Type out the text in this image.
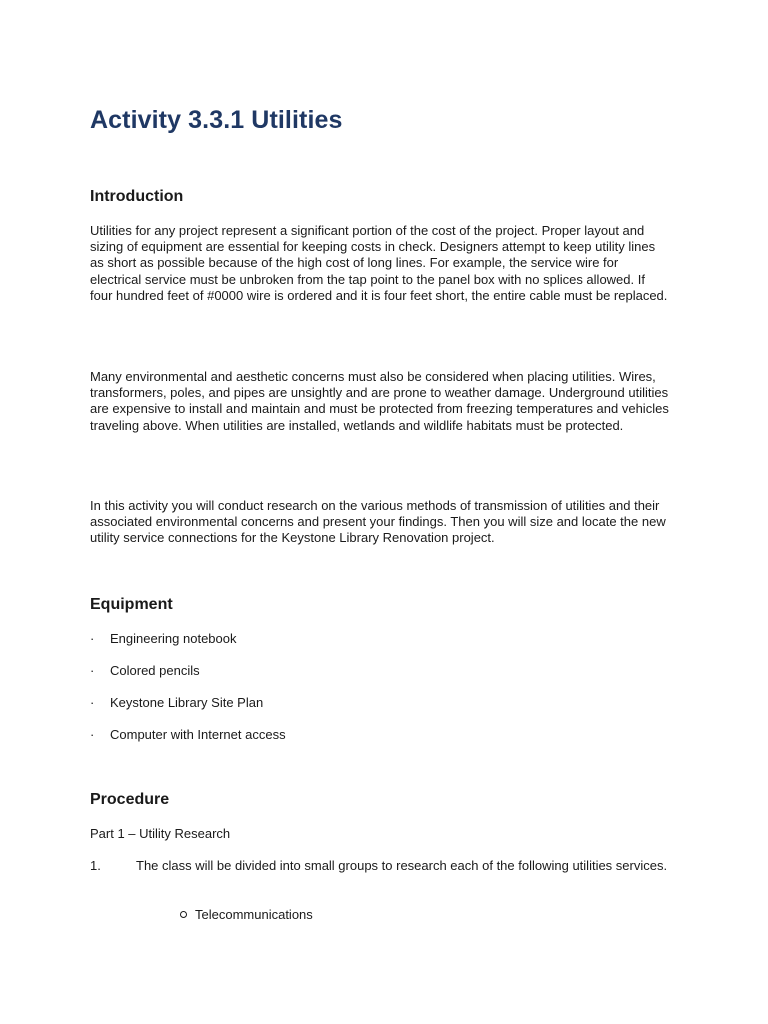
Activity 3.3.1 Utilities
Introduction

Utilities for any project represent a significant portion of the cost of the project. Proper layout and sizing of equipment are essential for keeping costs in check. Designers attempt to keep utility lines as short as possible because of the high cost of long lines. For example, the service wire for electrical service must be unbroken from the tap point to the panel box with no splices allowed. If four hundred feet of #0000 wire is ordered and it is four feet short, the entire cable must be replaced.

Many environmental and aesthetic concerns must also be considered when placing utilities. Wires, transformers, poles, and pipes are unsightly and are prone to weather damage. Underground utilities are expensive to install and maintain and must be protected from freezing temperatures and vehicles traveling above. When utilities are installed, wetlands and wildlife habitats must be protected.

In this activity you will conduct research on the various methods of transmission of utilities and their associated environmental concerns and present your findings. Then you will size and locate the new utility service connections for the Keystone Library Renovation project.

Equipment
·	Engineering notebook
·	Colored pencils
·	Keystone Library Site Plan
·	Computer with Internet access
Procedure
Part 1 – Utility Research
1.	The class will be divided into small groups to research each of the following utilities services.
Telecommunications
